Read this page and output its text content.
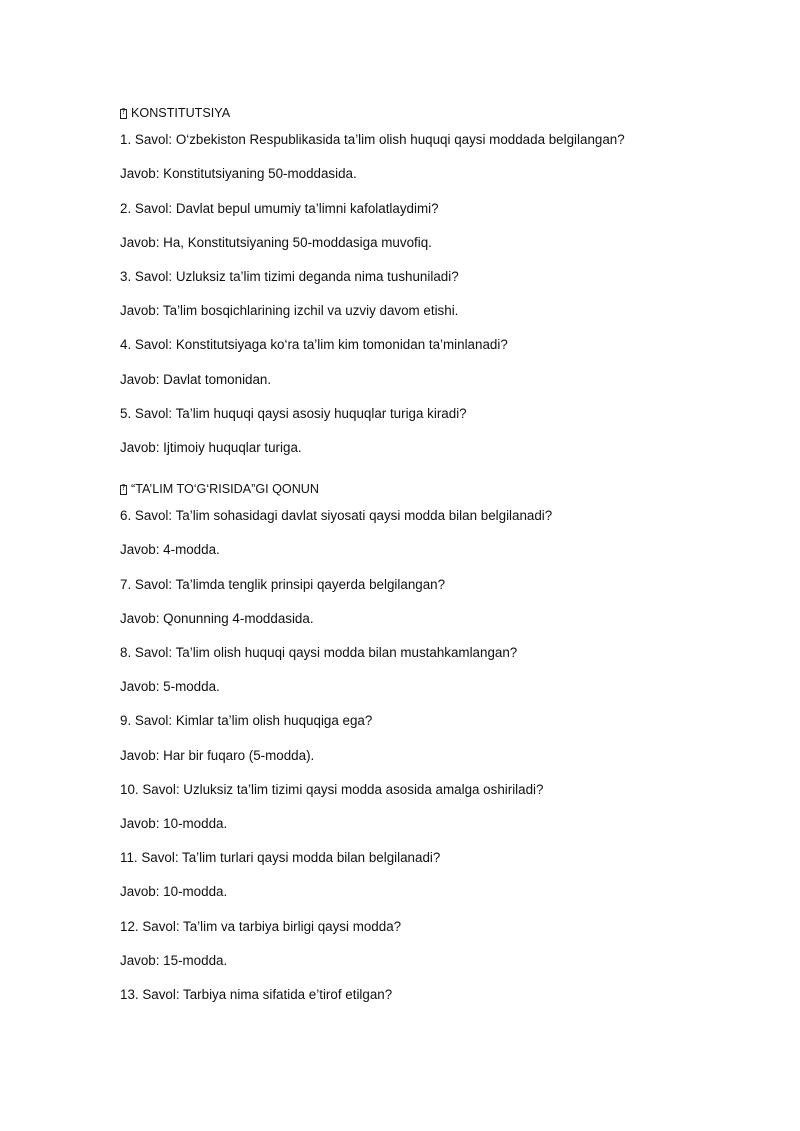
?
KONSTITUTSIYA
1. Savol: O‘zbekiston Respublikasida ta’lim olish huquqi qaysi moddada belgilangan?
Javob: Konstitutsiyaning 50-moddasida.
2. Savol: Davlat bepul umumiy ta’limni kafolatlaydimi?
Javob: Ha, Konstitutsiyaning 50-moddasiga muvofiq.
3. Savol: Uzluksiz ta’lim tizimi deganda nima tushuniladi?
Javob: Ta’lim bosqichlarining izchil va uzviy davom etishi.
4. Savol: Konstitutsiyaga ko‘ra ta’lim kim tomonidan ta’minlanadi?
Javob: Davlat tomonidan.
5. Savol: Ta’lim huquqi qaysi asosiy huquqlar turiga kiradi?
Javob: Ijtimoiy huquqlar turiga.
?
“TA’LIM TO‘G‘RISIDA”GI QONUN
6. Savol: Ta’lim sohasidagi davlat siyosati qaysi modda bilan belgilanadi?
Javob: 4-modda.
7. Savol: Ta’limda tenglik prinsipi qayerda belgilangan?
Javob: Qonunning 4-moddasida.
8. Savol: Ta’lim olish huquqi qaysi modda bilan mustahkamlangan?
Javob: 5-modda.
9. Savol: Kimlar ta’lim olish huquqiga ega?
Javob: Har bir fuqaro (5-modda).
10. Savol: Uzluksiz ta’lim tizimi qaysi modda asosida amalga oshiriladi?
Javob: 10-modda.
11. Savol: Ta’lim turlari qaysi modda bilan belgilanadi?
Javob: 10-modda.
12. Savol: Ta’lim va tarbiya birligi qaysi modda?
Javob: 15-modda.
13. Savol: Tarbiya nima sifatida e’tirof etilgan?
